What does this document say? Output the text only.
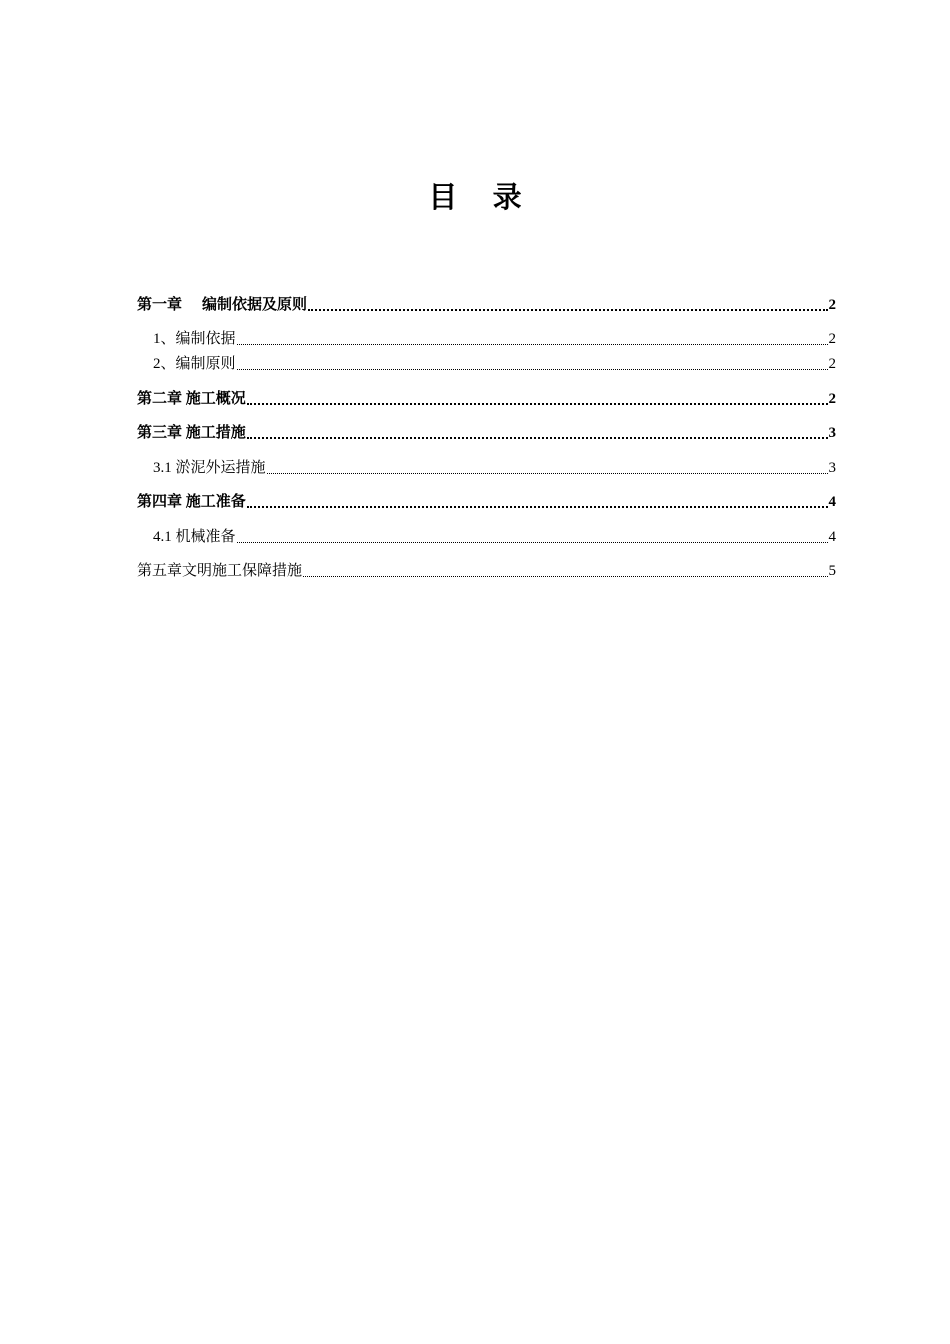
目 录
第一章 编制依据及原则	2
1、编制依据	2
2、编制原则	2
第二章 施工概况	2
第三章 施工措施	3
3.1 淤泥外运措施	3
第四章 施工准备	4
4.1 机械准备	4
第五章文明施工保障措施	5
